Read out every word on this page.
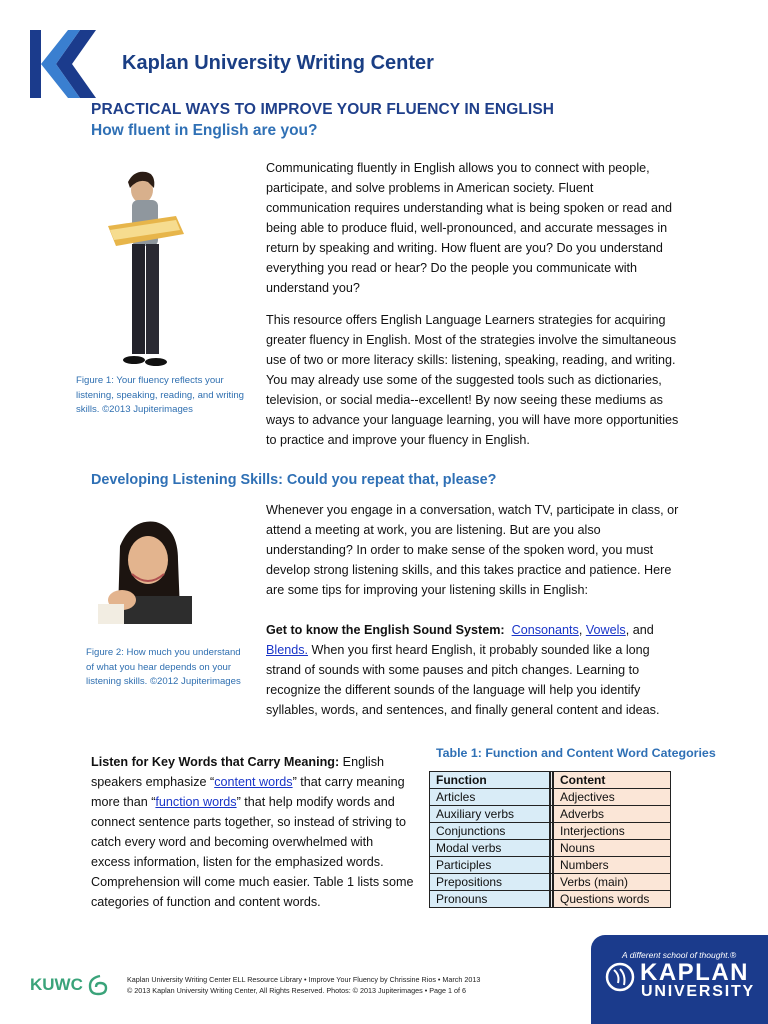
Kaplan University Writing Center
PRACTICAL WAYS TO IMPROVE YOUR FLUENCY IN ENGLISH
How fluent in English are you?
Figure 1: Your fluency reflects your listening, speaking, reading, and writing skills. ©2013 Jupiterimages
Communicating fluently in English allows you to connect with people, participate, and solve problems in American society. Fluent communication requires understanding what is being spoken or read and being able to produce fluid, well-pronounced, and accurate messages in return by speaking and writing. How fluent are you? Do you understand everything you read or hear? Do the people you communicate with understand you?
This resource offers English Language Learners strategies for acquiring greater fluency in English. Most of the strategies involve the simultaneous use of two or more literacy skills: listening, speaking, reading, and writing. You may already use some of the suggested tools such as dictionaries, television, or social media--excellent! By now seeing these mediums as ways to advance your language learning, you will have more opportunities to practice and improve your fluency in English.
Developing Listening Skills: Could you repeat that, please?
Figure 2: How much you understand of what you hear depends on your listening skills. ©2012 Jupiterimages
Whenever you engage in a conversation, watch TV, participate in class, or attend a meeting at work, you are listening. But are you also understanding? In order to make sense of the spoken word, you must develop strong listening skills, and this takes practice and patience. Here are some tips for improving your listening skills in English:
Get to know the English Sound System: Consonants, Vowels, and Blends. When you first heard English, it probably sounded like a long strand of sounds with some pauses and pitch changes. Learning to recognize the different sounds of the language will help you identify syllables, words, and sentences, and finally general content and ideas.
Listen for Key Words that Carry Meaning: English speakers emphasize “content words” that carry meaning more than “function words” that help modify words and connect sentence parts together, so instead of striving to catch every word and becoming overwhelmed with excess information, listen for the emphasized words. Comprehension will come much easier. Table 1 lists some categories of function and content words.
Table 1: Function and Content Word Categories
Function		Content
Articles		Adjectives
Auxiliary verbs		Adverbs
Conjunctions		Interjections
Modal verbs		Nouns
Participles		Numbers
Prepositions		Verbs (main)
Pronouns		Questions words
KUWC	Kaplan University Writing Center ELL Resource Library • Improve Your Fluency by Chrissine Rios • March 2013
© 2013 Kaplan University Writing Center, All Rights Reserved. Photos: © 2013 Jupiterimages • Page 1 of 6
A different school of thought.®
KAPLAN
UNIVERSITY
